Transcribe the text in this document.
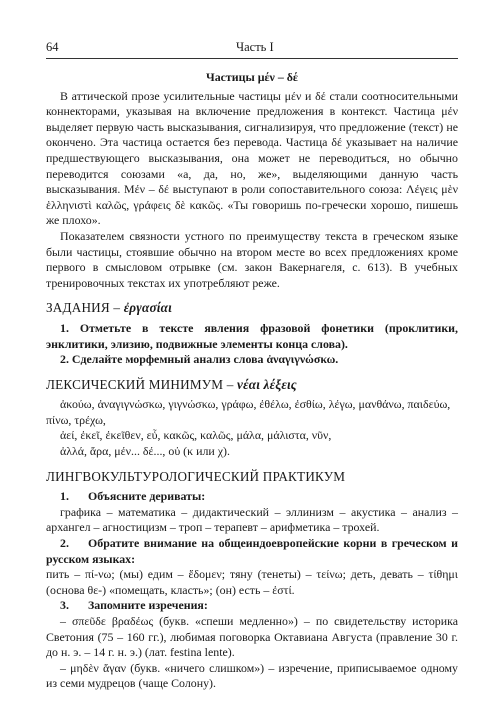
64	Часть I

Частицы μέν – δέ

В аттической прозе усилительные частицы μέν и δέ стали соотносительными коннекторами, указывая на включение предложения в контекст. Частица μέν выделяет первую часть высказывания, сигнализируя, что предложение (текст) не окончено. Эта частица остается без перевода. Частица δέ указывает на наличие предшествующего высказывания, она может не переводиться, но обычно переводится союзами «а, да, но, же», выделяющими данную часть высказывания. Μέν – δέ выступают в роли сопоставительного союза: Λέγεις μὲν ἑλληνιστὶ καλῶς, γράφεις δὲ κακῶς. «Ты говоришь по-гречески хорошо, пишешь же плохо».

Показателем связности устного по преимуществу текста в греческом языке были частицы, стоявшие обычно на втором месте во всех предложениях кроме первого в смысловом отрывке (см. закон Вакернагеля, с. 613). В учебных тренировочных текстах их употребляют реже.

ЗАДАНИЯ – ἐργασίαι

1. Отметьте в тексте явления фразовой фонетики (проклитики, энклитики, элизию, подвижные элементы конца слова).

2. Сделайте морфемный анализ слова ἀναγιγνώσκω.

ЛЕКСИЧЕСКИЙ МИНИМУМ – νέαι λέξεις

ἀκούω, ἀναγιγνώσκω, γιγνώσκω, γράφω, ἐθέλω, ἐσθίω, λέγω, μανθάνω, παιδεύω, πίνω, τρέχω,

ἀεί, ἐκεῖ, ἐκεῖθεν, εὖ, κακῶς, καλῶς, μάλα, μάλιστα, νῦν,

ἀλλά, ἄρα, μέν... δέ..., οὐ (κ или χ).

ЛИНГВОКУЛЬТУРОЛОГИЧЕСКИЙ ПРАКТИКУМ

1. Объясните дериваты:

графика – математика – дидактический – эллинизм – акустика – анализ – архангел – агностицизм – троп – терапевт – арифметика – трохей.

2. Обратите внимание на общеиндоевропейские корни в греческом и русском языках:

пить – πί-νω; (мы) едим – ἔδομεν; тяну (тенеты) – τείνω; деть, девать – τίθημι (основа θε-) «помещать, класть»; (он) есть – ἐστί.

3. Запомните изречения:

– σπεῦδε βραδέως (букв. «спеши медленно») – по свидетельству историка Светония (75 – 160 гг.), любимая поговорка Октавиана Августа (правление 30 г. до н. э. – 14 г. н. э.) (лат. festina lente).

– μηδὲν ἄγαν (букв. «ничего слишком») – изречение, приписываемое одному из семи мудрецов (чаще Солону).
